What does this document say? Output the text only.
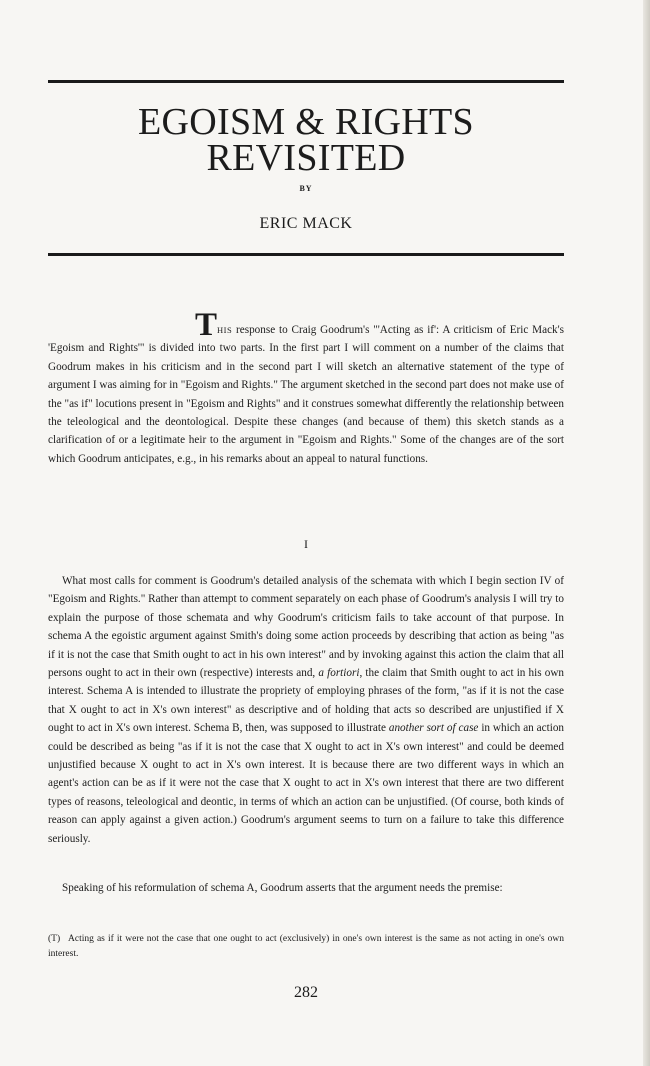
EGOISM & RIGHTS REVISITED
BY
ERIC MACK

THIS response to Craig Goodrum's "'Acting as if': A criticism of Eric Mack's 'Egoism and Rights'" is divided into two parts. In the first part I will comment on a number of the claims that Goodrum makes in his criticism and in the second part I will sketch an alternative statement of the type of argument I was aiming for in "Egoism and Rights." The argument sketched in the second part does not make use of the "as if" locutions present in "Egoism and Rights" and it construes somewhat differently the relationship between the teleological and the deontological. Despite these changes (and because of them) this sketch stands as a clarification of or a legitimate heir to the argument in "Egoism and Rights." Some of the changes are of the sort which Goodrum anticipates, e.g., in his remarks about an appeal to natural functions.

I

What most calls for comment is Goodrum's detailed analysis of the schemata with which I begin section IV of "Egoism and Rights." Rather than attempt to comment separately on each phase of Goodrum's analysis I will try to explain the purpose of those schemata and why Goodrum's criticism fails to take account of that purpose. In schema A the egoistic argument against Smith's doing some action proceeds by describing that action as being "as if it is not the case that Smith ought to act in his own interest" and by invoking against this action the claim that all persons ought to act in their own (respective) interests and, a fortiori, the claim that Smith ought to act in his own interest. Schema A is intended to illustrate the propriety of employing phrases of the form, "as if it is not the case that X ought to act in X's own interest" as descriptive and of holding that acts so described are unjustified if X ought to act in X's own interest. Schema B, then, was supposed to illustrate another sort of case in which an action could be described as being "as if it is not the case that X ought to act in X's own interest" and could be deemed unjustified because X ought to act in X's own interest. It is because there are two different ways in which an agent's action can be as if it were not the case that X ought to act in X's own interest that there are two different types of reasons, teleological and deontic, in terms of which an action can be unjustified. (Of course, both kinds of reason can apply against a given action.) Goodrum's argument seems to turn on a failure to take this difference seriously.

Speaking of his reformulation of schema A, Goodrum asserts that the argument needs the premise:

(T) Acting as if it were not the case that one ought to act (exclusively) in one's own interest is the same as not acting in one's own interest.
282
